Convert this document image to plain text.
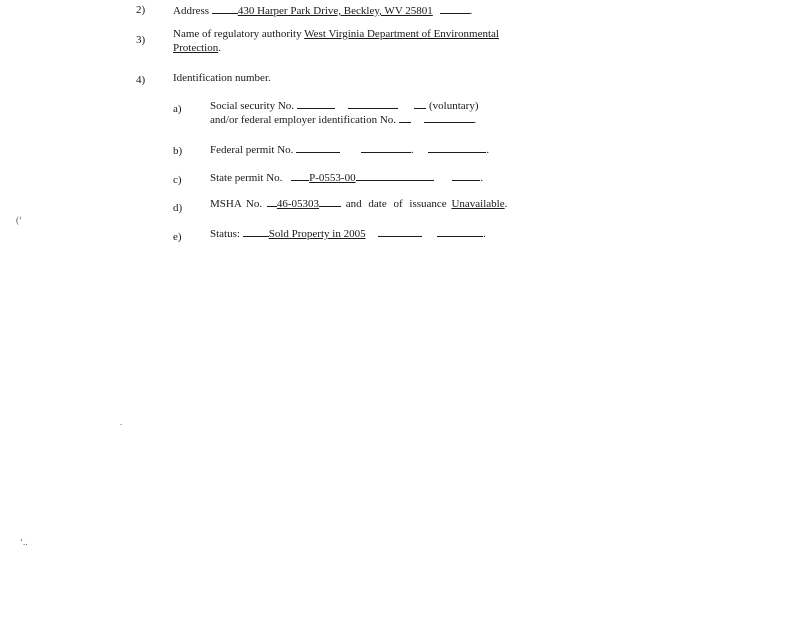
2)	Address	430 Harper Park Drive, Beckley, WV 25801	.
3)	Name of regulatory authority West Virginia Department of Environmental
Protection.
4)	Identification number.
a)	Social security No.	(voluntary)
and/or federal employer identification No.	.
b)	Federal permit No.	.	.
c)	State permit No. P-0553-00	.
d)	MSHA No. 46-05303 and date of issuance Unavailable.
e)	Status:	Sold Property in 2005	.
(‘
.
‘..
